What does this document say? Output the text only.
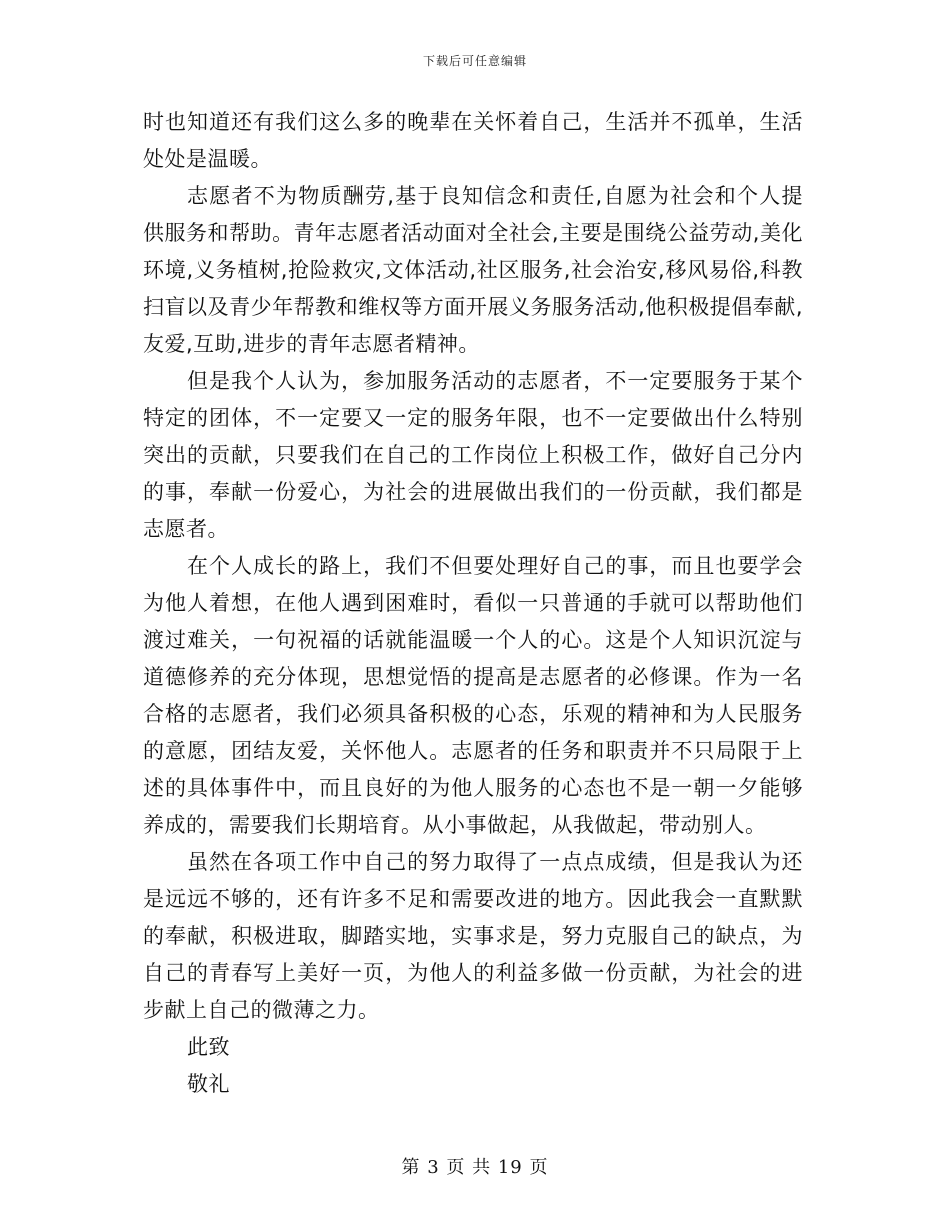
下载后可任意编辑

时也知道还有我们这么多的晚辈在关怀着自己，生活并不孤单，生活处处是温暖。

志愿者不为物质酬劳,基于良知信念和责任,自愿为社会和个人提供服务和帮助。青年志愿者活动面对全社会,主要是围绕公益劳动,美化环境,义务植树,抢险救灾,文体活动,社区服务,社会治安,移风易俗,科教扫盲以及青少年帮教和维权等方面开展义务服务活动,他积极提倡奉献,友爱,互助,进步的青年志愿者精神。

但是我个人认为，参加服务活动的志愿者，不一定要服务于某个特定的团体，不一定要又一定的服务年限，也不一定要做出什么特别突出的贡献，只要我们在自己的工作岗位上积极工作，做好自己分内的事，奉献一份爱心，为社会的进展做出我们的一份贡献，我们都是志愿者。

在个人成长的路上，我们不但要处理好自己的事，而且也要学会为他人着想，在他人遇到困难时，看似一只普通的手就可以帮助他们渡过难关，一句祝福的话就能温暖一个人的心。这是个人知识沉淀与道德修养的充分体现，思想觉悟的提高是志愿者的必修课。作为一名合格的志愿者，我们必须具备积极的心态，乐观的精神和为人民服务的意愿，团结友爱，关怀他人。志愿者的任务和职责并不只局限于上述的具体事件中，而且良好的为他人服务的心态也不是一朝一夕能够养成的，需要我们长期培育。从小事做起，从我做起，带动别人。

虽然在各项工作中自己的努力取得了一点点成绩，但是我认为还是远远不够的，还有许多不足和需要改进的地方。因此我会一直默默的奉献，积极进取，脚踏实地，实事求是，努力克服自己的缺点，为自己的青春写上美好一页，为他人的利益多做一份贡献，为社会的进步献上自己的微薄之力。

此致

敬礼

第 3 页 共 19 页
